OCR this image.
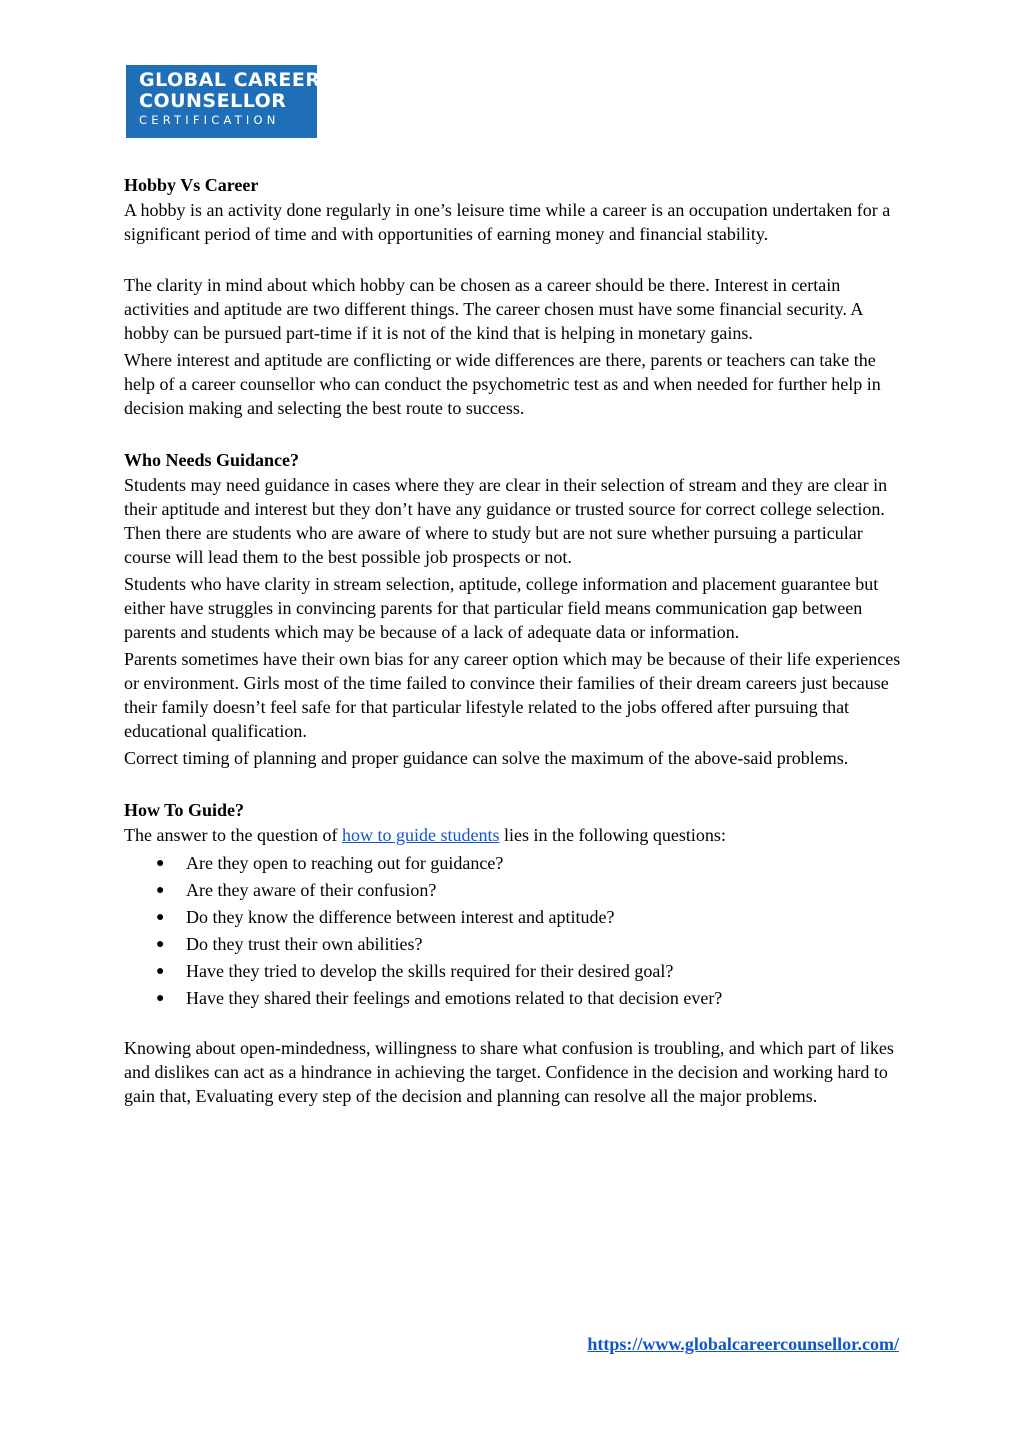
GLOBAL CAREER
COUNSELLOR
CERTIFICATION
Hobby Vs Career

A hobby is an activity done regularly in one’s leisure time while a career is an occupation undertaken for a significant period of time and with opportunities of earning money and financial stability.

The clarity in mind about which hobby can be chosen as a career should be there. Interest in certain activities and aptitude are two different things. The career chosen must have some financial security. A hobby can be pursued part-time if it is not of the kind that is helping in monetary gains.

Where interest and aptitude are conflicting or wide differences are there, parents or teachers can take the help of a career counsellor who can conduct the psychometric test as and when needed for further help in decision making and selecting the best route to success.

Who Needs Guidance?

Students may need guidance in cases where they are clear in their selection of stream and they are clear in their aptitude and interest but they don’t have any guidance or trusted source for correct college selection. Then there are students who are aware of where to study but are not sure whether pursuing a particular course will lead them to the best possible job prospects or not.

Students who have clarity in stream selection, aptitude, college information and placement guarantee but either have struggles in convincing parents for that particular field means communication gap between parents and students which may be because of a lack of adequate data or information.

Parents sometimes have their own bias for any career option which may be because of their life experiences or environment. Girls most of the time failed to convince their families of their dream careers just because their family doesn’t feel safe for that particular lifestyle related to the jobs offered after pursuing that educational qualification.

Correct timing of planning and proper guidance can solve the maximum of the above-said problems.

How To Guide?

The answer to the question of how to guide students lies in the following questions:

● Are they open to reaching out for guidance?
● Are they aware of their confusion?
● Do they know the difference between interest and aptitude?
● Do they trust their own abilities?
● Have they tried to develop the skills required for their desired goal?
● Have they shared their feelings and emotions related to that decision ever?

Knowing about open-mindedness, willingness to share what confusion is troubling, and which part of likes and dislikes can act as a hindrance in achieving the target. Confidence in the decision and working hard to gain that, Evaluating every step of the decision and planning can resolve all the major problems.

https://www.globalcareercounsellor.com/
